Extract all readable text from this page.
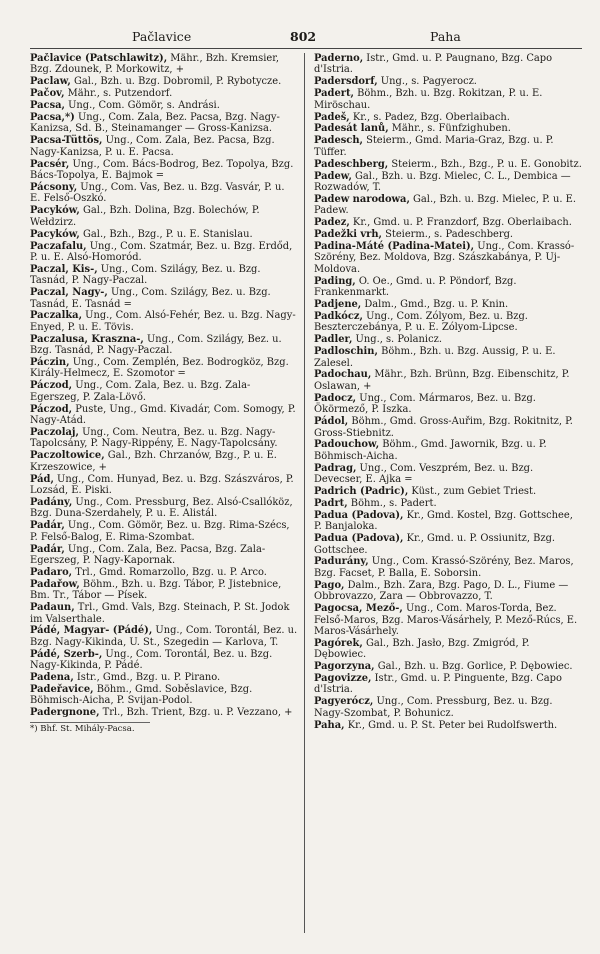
Pačlavice	802	Paha
Pačlavice (Patschlawitz), Mähr., Bzh. Kremsier, Bzg. Zdounek, P. Morkowitz, +
Paclaw, Gal., Bzh. u. Bzg. Dobromil, P. Rybotycze.
Pačov, Mähr., s. Putzendorf.
Pacsa, Ung., Com. Gömör, s. Andrási.
Pacsa,*) Ung., Com. Zala, Bez. Pacsa, Bzg. Nagy-Kanizsa, Sd. B., Steinamanger — Gross-Kanizsa.
Pacsa-Tüttös, Ung., Com. Zala, Bez. Pacsa, Bzg. Nagy-Kanizsa, P. u. E. Pacsa.
Pacsér, Ung., Com. Bács-Bodrog, Bez. Topolya, Bzg. Bács-Topolya, E. Bajmok =
Pácsony, Ung., Com. Vas, Bez. u. Bzg. Vasvár, P. u. E. Felső-Oszkó.
Pacyków, Gal., Bzh. Dolina, Bzg. Bolechów, P. Wełdzirz.
Pacyków, Gal., Bzh., Bzg., P. u. E. Stanislau.
Paczafalu, Ung., Com. Szatmár, Bez. u. Bzg. Erdőd, P. u. E. Alsó-Homoród.
Paczal, Kis-, Ung., Com. Szilágy, Bez. u. Bzg. Tasnád, P. Nagy-Paczal.
Paczal, Nagy-, Ung., Com. Szilágy, Bez. u. Bzg. Tasnád, E. Tasnád =
Paczalka, Ung., Com. Alsó-Fehér, Bez. u. Bzg. Nagy-Enyed, P. u. E. Tövis.
Paczalusa, Kraszna-, Ung., Com. Szilágy, Bez. u. Bzg. Tasnád, P. Nagy-Paczal.
Páczin, Ung., Com. Zemplén, Bez. Bodrogköz, Bzg. Király-Helmecz, E. Szomotor =
Páczod, Ung., Com. Zala, Bez. u. Bzg. Zala-Egerszeg, P. Zala-Lövő.
Páczod, Puste, Ung., Gmd. Kivadár, Com. Somogy, P. Nagy-Atád.
Paczolaj, Ung., Com. Neutra, Bez. u. Bzg. Nagy-Tapolcsány, P. Nagy-Rippény, E. Nagy-Tapolcsány.
Paczoltowice, Gal., Bzh. Chrzanów, Bzg., P. u. E. Krzeszowice, +
Pád, Ung., Com. Hunyad, Bez. u. Bzg. Szászváros, P. Lozsád, E. Piski.
Padány, Ung., Com. Pressburg, Bez. Alsó-Csallóköz, Bzg. Duna-Szerdahely, P. u. E. Alistál.
Padár, Ung., Com. Gömör, Bez. u. Bzg. Rima-Szécs, P. Felső-Balog, E. Rima-Szombat.
Padár, Ung., Com. Zala, Bez. Pacsa, Bzg. Zala-Egerszeg, P. Nagy-Kapornak.
Padaro, Trl., Gmd. Romarzollo, Bzg. u. P. Arco.
Padařow, Böhm., Bzh. u. Bzg. Tábor, P. Jistebnice, Bm. Tr., Tábor — Písek.
Padaun, Trl., Gmd. Vals, Bzg. Steinach, P. St. Jodok im Valserthale.
Pádé, Magyar- (Pádé), Ung., Com. Torontál, Bez. u. Bzg. Nagy-Kikinda, U. St., Szegedin — Karlova, T.
Pádé, Szerb-, Ung., Com. Torontál, Bez. u. Bzg. Nagy-Kikinda, P. Pádé.
Padena, Istr., Gmd., Bzg. u. P. Pirano.
Padeřavice, Böhm., Gmd. Soběslavice, Bzg. Böhmisch-Aicha, P. Svijan-Podol.
Padergnone, Trl., Bzh. Trient, Bzg. u. P. Vezzano, +
*) Bhf. St. Mihály-Pacsa.
Paderno, Istr., Gmd. u. P. Paugnano, Bzg. Capo d'Istria.
Padersdorf, Ung., s. Pagyerocz.
Padert, Böhm., Bzh. u. Bzg. Rokitzan, P. u. E. Miröschau.
Padeš, Kr., s. Padez, Bzg. Oberlaibach.
Padesát lanů, Mähr., s. Fünfzighuben.
Padesch, Steierm., Gmd. Maria-Graz, Bzg. u. P. Tüffer.
Padeschberg, Steierm., Bzh., Bzg., P. u. E. Gonobitz.
Padew, Gal., Bzh. u. Bzg. Mielec, C. L., Dembica — Rozwadów, T.
Padew narodowa, Gal., Bzh. u. Bzg. Mielec, P. u. E. Padew.
Padez, Kr., Gmd. u. P. Franzdorf, Bzg. Oberlaibach.
Padežki vrh, Steierm., s. Padeschberg.
Padina-Máté (Padina-Matei), Ung., Com. Krassó-Szörény, Bez. Moldova, Bzg. Szászkabánya, P. Uj-Moldova.
Pading, O. Oe., Gmd. u. P. Pöndorf, Bzg. Frankenmarkt.
Padjene, Dalm., Gmd., Bzg. u. P. Knin.
Padkócz, Ung., Com. Zólyom, Bez. u. Bzg. Beszterczebánya, P. u. E. Zólyom-Lipcse.
Padler, Ung., s. Polanicz.
Padloschin, Böhm., Bzh. u. Bzg. Aussig, P. u. E. Zalesel.
Padochau, Mähr., Bzh. Brünn, Bzg. Eibenschitz, P. Oslawan, +
Padocz, Ung., Com. Mármaros, Bez. u. Bzg. Ökörmező, P. Iszka.
Pádol, Böhm., Gmd. Gross-Auřim, Bzg. Rokitnitz, P. Gross-Stiebnitz.
Padouchow, Böhm., Gmd. Jawornik, Bzg. u. P. Böhmisch-Aicha.
Padrag, Ung., Com. Veszprém, Bez. u. Bzg. Devecser, E. Ajka =
Padrich (Padric), Küst., zum Gebiet Triest.
Padrt, Böhm., s. Padert.
Padua (Padova), Kr., Gmd. Kostel, Bzg. Gottschee, P. Banjaloka.
Padua (Padova), Kr., Gmd. u. P. Ossiunitz, Bzg. Gottschee.
Padurány, Ung., Com. Krassó-Szörény, Bez. Maros, Bzg. Facset, P. Balla, E. Soborsin.
Pago, Dalm., Bzh. Zara, Bzg. Pago, D. L., Fiume — Obbrovazzo, Zara — Obbrovazzo, T.
Pagocsa, Mező-, Ung., Com. Maros-Torda, Bez. Felső-Maros, Bzg. Maros-Vásárhely, P. Mező-Rúcs, E. Maros-Vásárhely.
Pagórek, Gal., Bzh. Jasło, Bzg. Zmigród, P. Dębowiec.
Pagorzyna, Gal., Bzh. u. Bzg. Gorlice, P. Dębowiec.
Pagovizze, Istr., Gmd. u. P. Pinguente, Bzg. Capo d'Istria.
Pagyerócz, Ung., Com. Pressburg, Bez. u. Bzg. Nagy-Szombat, P. Bohunicz.
Paha, Kr., Gmd. u. P. St. Peter bei Rudolfswerth.
